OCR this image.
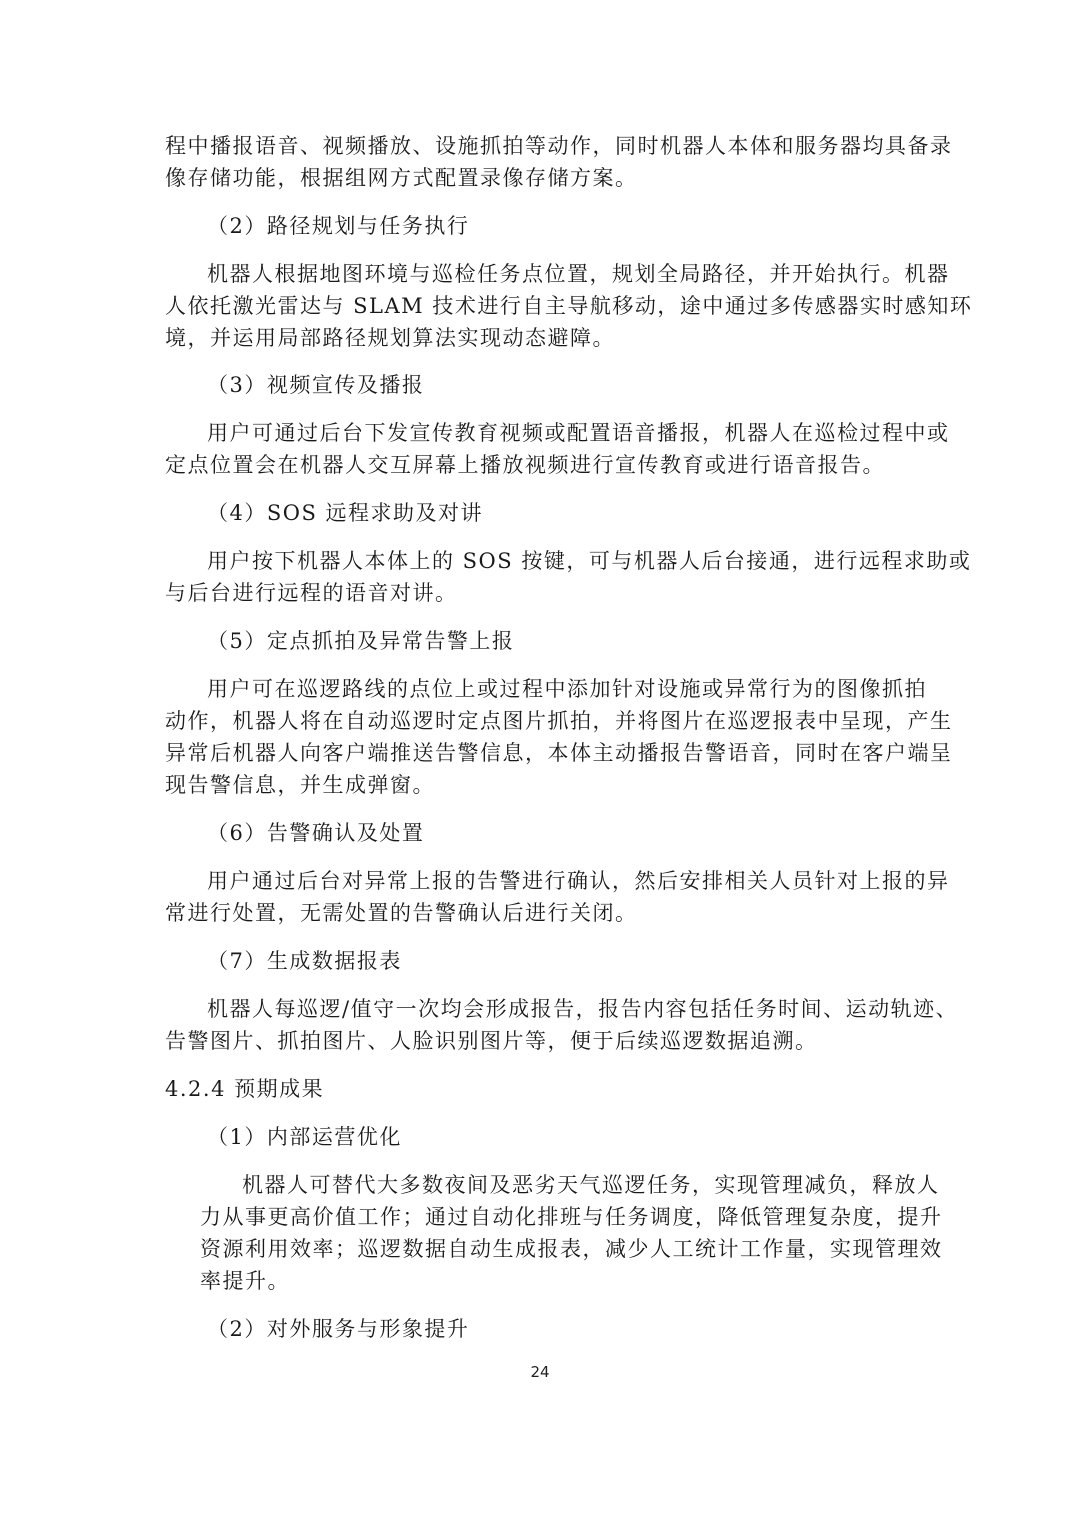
程中播报语音、视频播放、设施抓拍等动作，同时机器人本体和服务器均具备录
像存储功能，根据组网方式配置录像存储方案。
（2）路径规划与任务执行
机器人根据地图环境与巡检任务点位置，规划全局路径，并开始执行。机器
人依托激光雷达与 SLAM 技术进行自主导航移动，途中通过多传感器实时感知环
境，并运用局部路径规划算法实现动态避障。
（3）视频宣传及播报
用户可通过后台下发宣传教育视频或配置语音播报，机器人在巡检过程中或
定点位置会在机器人交互屏幕上播放视频进行宣传教育或进行语音报告。
（4）SOS 远程求助及对讲
用户按下机器人本体上的 SOS 按键，可与机器人后台接通，进行远程求助或
与后台进行远程的语音对讲。
（5）定点抓拍及异常告警上报
用户可在巡逻路线的点位上或过程中添加针对设施或异常行为的图像抓拍
动作，机器人将在自动巡逻时定点图片抓拍，并将图片在巡逻报表中呈现，产生
异常后机器人向客户端推送告警信息，本体主动播报告警语音，同时在客户端呈
现告警信息，并生成弹窗。
（6）告警确认及处置
用户通过后台对异常上报的告警进行确认，然后安排相关人员针对上报的异
常进行处置，无需处置的告警确认后进行关闭。
（7）生成数据报表
机器人每巡逻/值守一次均会形成报告，报告内容包括任务时间、运动轨迹、
告警图片、抓拍图片、人脸识别图片等，便于后续巡逻数据追溯。
4.2.4 预期成果
（1）内部运营优化
机器人可替代大多数夜间及恶劣天气巡逻任务，实现管理减负，释放人
力从事更高价值工作；通过自动化排班与任务调度，降低管理复杂度，提升
资源利用效率；巡逻数据自动生成报表，减少人工统计工作量，实现管理效
率提升。
（2）对外服务与形象提升
24
